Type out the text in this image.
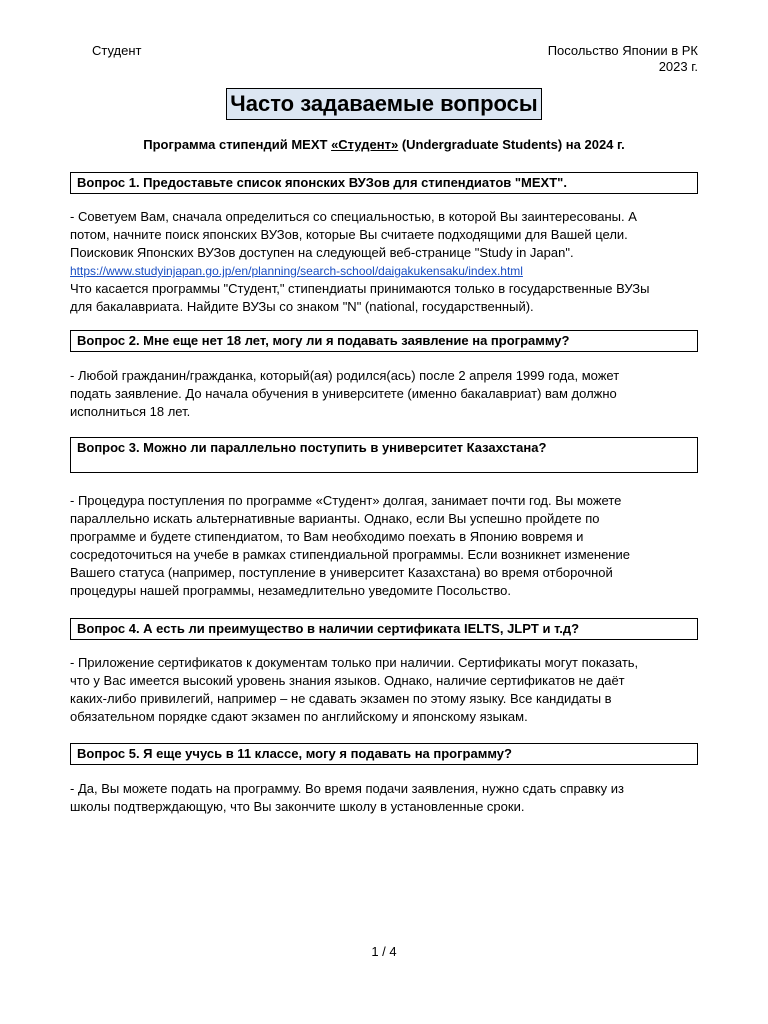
Студент	Посольство Японии в РК
2023 г.
Часто задаваемые вопросы
Программа стипендий MEXT «Студент» (Undergraduate Students) на 2024 г.
Вопрос 1. Предоставьте список японских ВУЗов для стипендиатов "MEXT".
- Советуем Вам, сначала определиться со специальностью, в которой Вы заинтересованы. А
потом, начните поиск японских ВУЗов, которые Вы считаете подходящими для Вашей цели.
Поисковик Японских ВУЗов доступен на следующей веб-странице "Study in Japan".
https://www.studyinjapan.go.jp/en/planning/search-school/daigakukensaku/index.html
Что касается программы "Студент," стипендиаты принимаются только в государственные ВУЗы
для бакалавриата. Найдите ВУЗы со знаком "N" (national, государственный).
Вопрос 2. Мне еще нет 18 лет, могу ли я подавать заявление на программу?
- Любой гражданин/гражданка, который(ая) родился(ась) после 2 апреля 1999 года, может
подать заявление. До начала обучения в университете (именно бакалавриат) вам должно
исполниться 18 лет.
Вопрос 3. Можно ли параллельно поступить в университет Казахстана?
- Процедура поступления по программе «Студент» долгая, занимает почти год. Вы можете
параллельно искать альтернативные варианты. Однако, если Вы успешно пройдете по
программе и будете стипендиатом, то Вам необходимо поехать в Японию вовремя и
сосредоточиться на учебе в рамках стипендиальной программы. Если возникнет изменение
Вашего статуса (например, поступление в университет Казахстана) во время отборочной
процедуры нашей программы, незамедлительно уведомите Посольство.
Вопрос 4. А есть ли преимущество в наличии сертификата IELTS, JLPT и т.д?
- Приложение сертификатов к документам только при наличии. Сертификаты могут показать,
что у Вас имеется высокий уровень знания языков. Однако, наличие сертификатов не даёт
каких-либо привилегий, например – не сдавать экзамен по этому языку. Все кандидаты в
обязательном порядке сдают экзамен по английскому и японскому языкам.
Вопрос 5. Я еще учусь в 11 классе, могу я подавать на программу?
- Да, Вы можете подать на программу. Во время подачи заявления, нужно сдать справку из
школы подтверждающую, что Вы закончите школу в установленные сроки.
1 / 4
